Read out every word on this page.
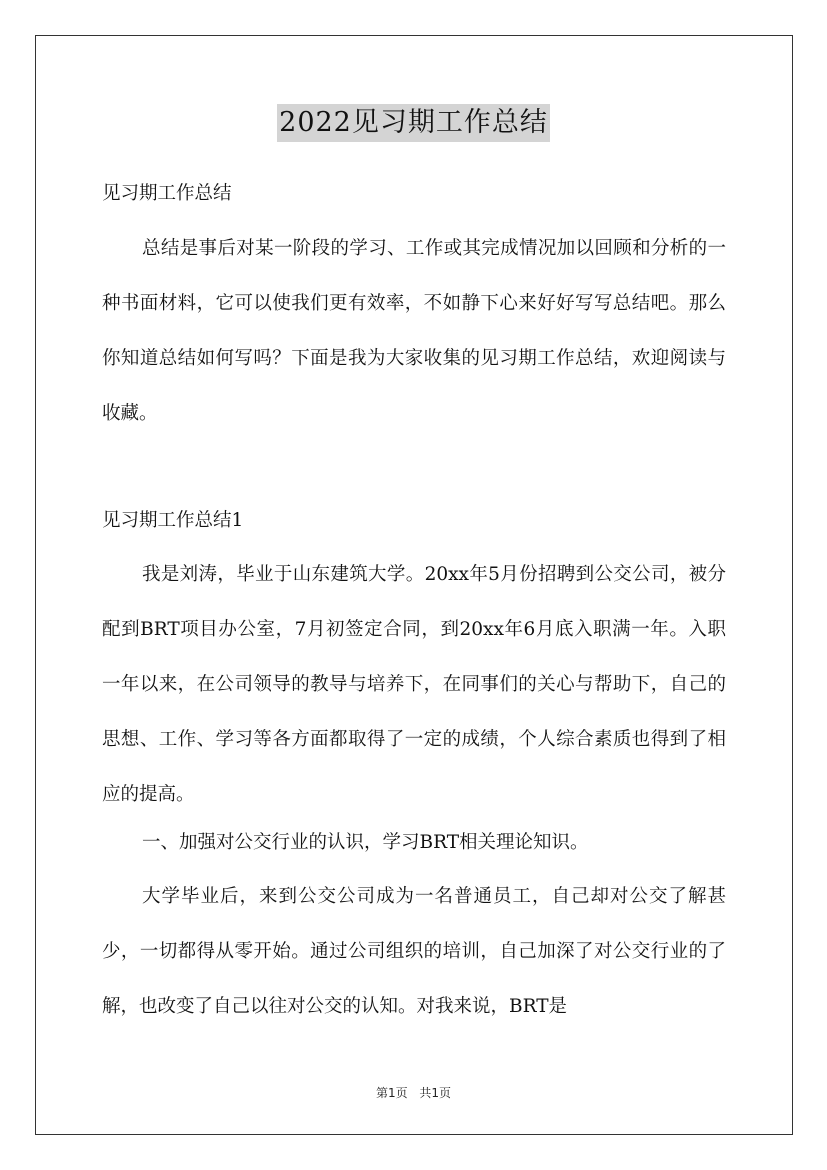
2022见习期工作总结

见习期工作总结

总结是事后对某一阶段的学习、工作或其完成情况加以回顾和分析的一种书面材料，它可以使我们更有效率，不如静下心来好好写写总结吧。那么你知道总结如何写吗？下面是我为大家收集的见习期工作总结，欢迎阅读与收藏。

见习期工作总结1

我是刘涛，毕业于山东建筑大学。20xx年5月份招聘到公交公司，被分配到BRT项目办公室，7月初签定合同，到20xx年6月底入职满一年。入职一年以来，在公司领导的教导与培养下，在同事们的关心与帮助下，自己的思想、工作、学习等各方面都取得了一定的成绩，个人综合素质也得到了相应的提高。

一、加强对公交行业的认识，学习BRT相关理论知识。

大学毕业后，来到公交公司成为一名普通员工，自己却对公交了解甚少，一切都得从零开始。通过公司组织的培训，自己加深了对公交行业的了解，也改变了自己以往对公交的认知。对我来说，BRT是

第1页 共1页
